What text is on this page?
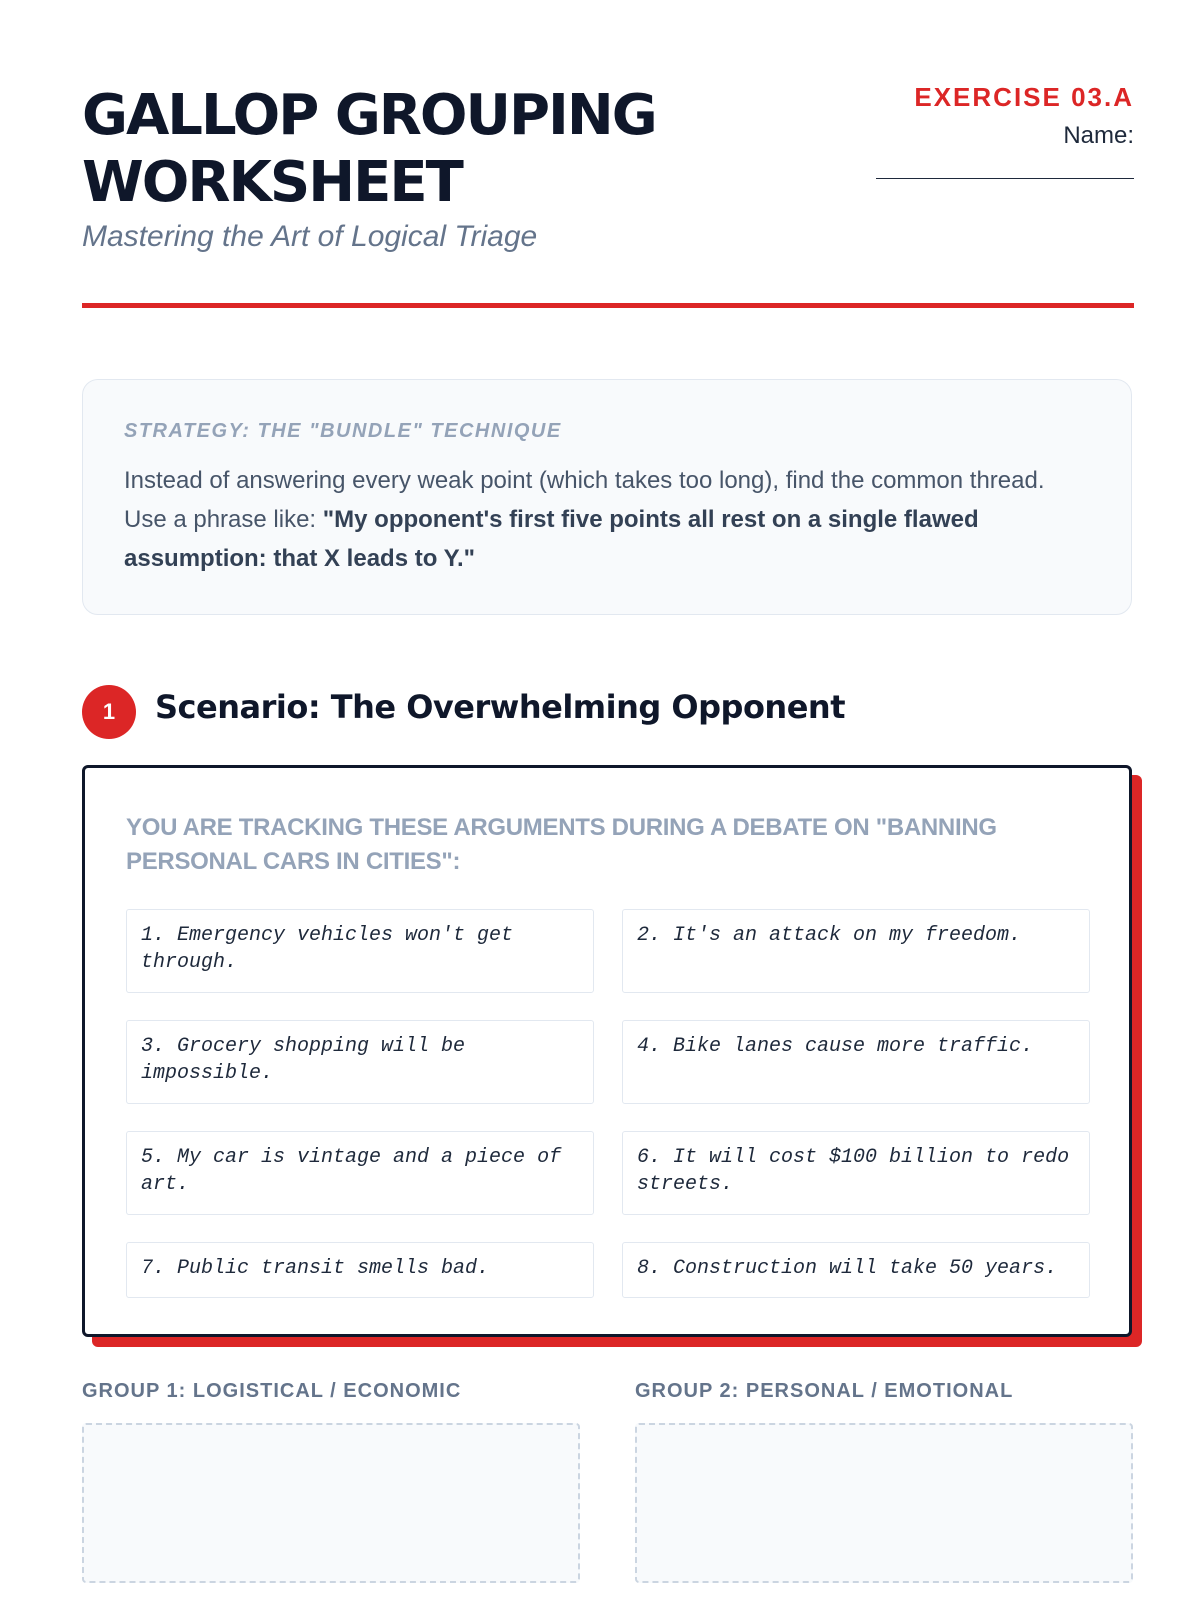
GALLOP GROUPING WORKSHEET

Mastering the Art of Logical Triage

EXERCISE 03.A
Name:

STRATEGY: THE "BUNDLE" TECHNIQUE

Instead of answering every weak point (which takes too long), find the common thread. Use a phrase like: "My opponent's first five points all rest on a single flawed assumption: that X leads to Y."

1	Scenario: The Overwhelming Opponent

YOU ARE TRACKING THESE ARGUMENTS DURING A DEBATE ON "BANNING PERSONAL CARS IN CITIES":

1. Emergency vehicles won't get through.
2. It's an attack on my freedom.
3. Grocery shopping will be impossible.
4. Bike lanes cause more traffic.
5. My car is vintage and a piece of art.
6. It will cost $100 billion to redo streets.
7. Public transit smells bad.	8. Construction will take 50 years.

GROUP 1: LOGISTICAL / ECONOMIC	GROUP 2: PERSONAL / EMOTIONAL
